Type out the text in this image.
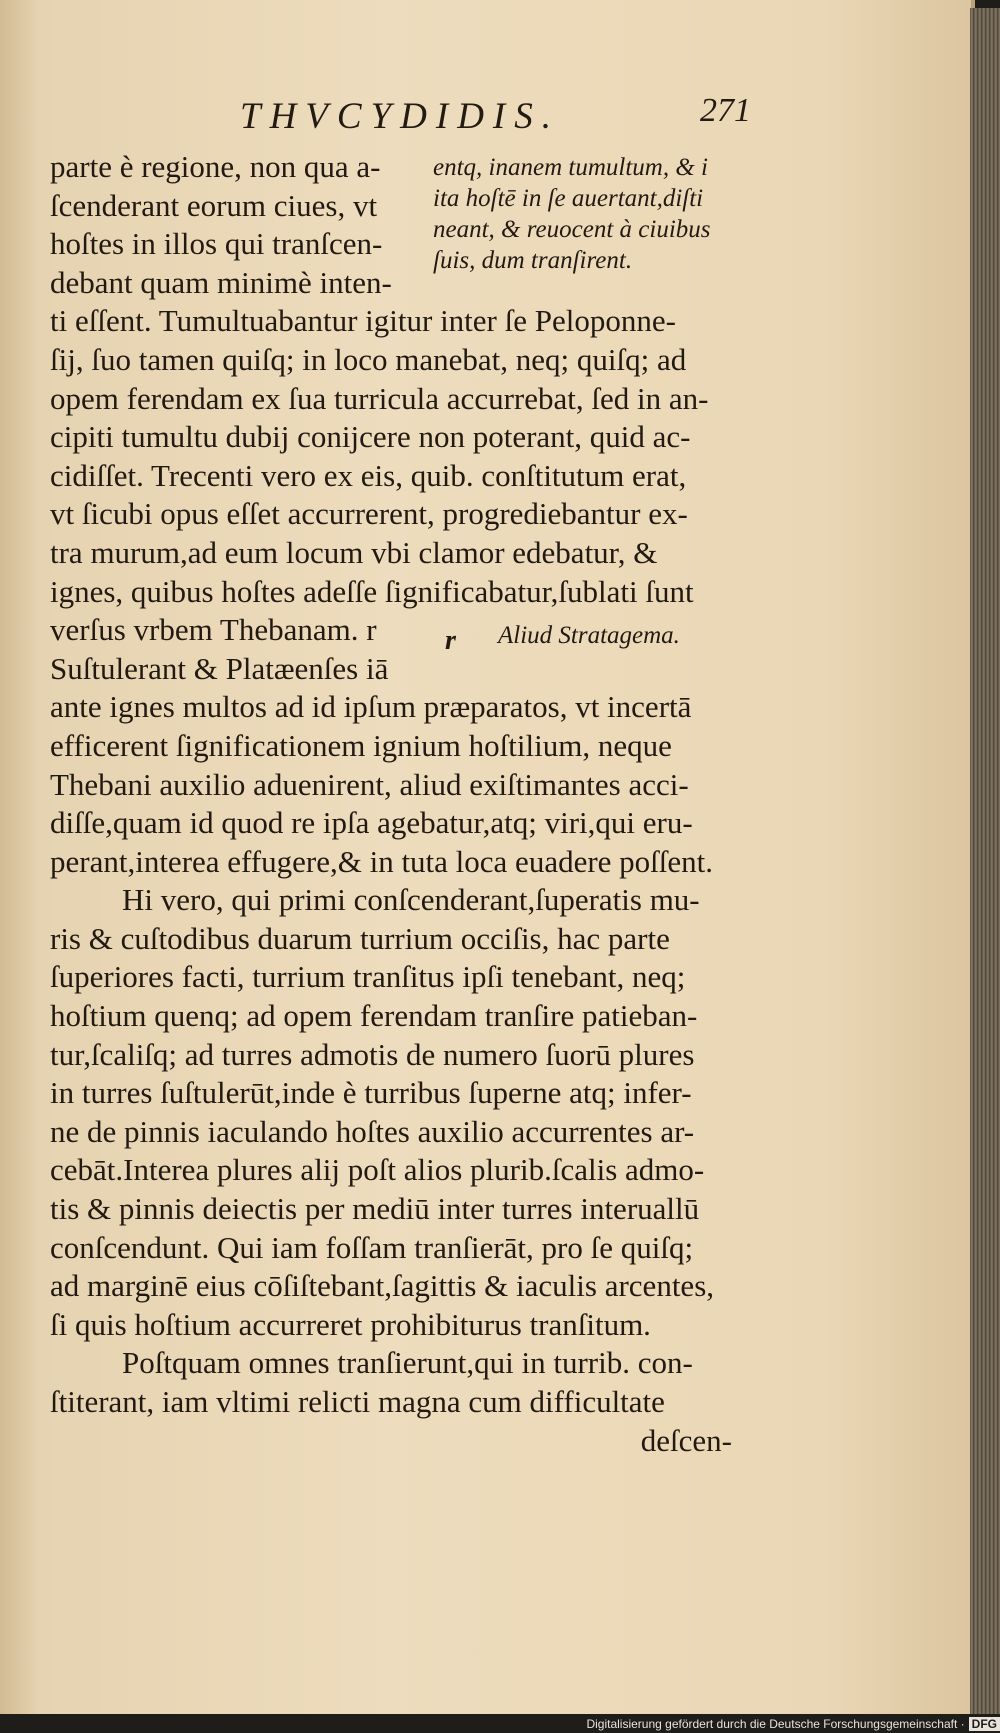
THVCYDIDIS.	271
parte è regione, non qua a-
ſcenderant eorum ciues, vt
hoſtes in illos qui tranſcen-
debant quam minimè inten-
ti eſſent. Tumultuabantur igitur inter ſe Peloponne-
ſij, ſuo tamen quiſq; in loco manebat, neq; quiſq; ad
opem ferendam ex ſua turricula accurrebat, ſed in an-
cipiti tumultu dubij conijcere non poterant, quid ac-
cidiſſet. Trecenti vero ex eis, quib. conſtitutum erat,
vt ſicubi opus eſſet accurrerent, progrediebantur ex-
tra murum,ad eum locum vbi clamor edebatur, &
ignes, quibus hoſtes adeſſe ſignificabatur,ſublati ſunt
verſus vrbem Thebanam. r
Suſtulerant & Platæenſes iā
ante ignes multos ad id ipſum præparatos, vt incertā
efficerent ſignificationem ignium hoſtilium, neque
Thebani auxilio aduenirent, aliud exiſtimantes acci-
diſſe,quam id quod re ipſa agebatur,atq; viri,qui eru-
perant,interea effugere,& in tuta loca euadere poſſent.
Hi vero, qui primi conſcenderant,ſuperatis mu-
ris & cuſtodibus duarum turrium occiſis, hac parte
ſuperiores facti, turrium tranſitus ipſi tenebant, neq;
hoſtium quenq; ad opem ferendam tranſire patieban-
tur,ſcaliſq; ad turres admotis de numero ſuorū plures
in turres ſuſtulerūt,inde è turribus ſuperne atq; infer-
ne de pinnis iaculando hoſtes auxilio accurrentes ar-
cebāt.Interea plures alij poſt alios plurib.ſcalis admo-
tis & pinnis deiectis per mediū inter turres interuallū
conſcendunt. Qui iam foſſam tranſierāt, pro ſe quiſq;
ad marginē eius cōſiſtebant,ſagittis & iaculis arcentes,
ſi quis hoſtium accurreret prohibiturus tranſitum.
Poſtquam omnes tranſierunt,qui in turrib. con-
ſtiterant, iam vltimi relicti magna cum difficultate
deſcen-
entq, inanem tumultum, & i
ita hoſtē in ſe auertant,diſti
neant, & reuocent à ciuibus
ſuis, dum tranſirent.
r Aliud Stratagema.
Digitalisierung gefördert durch die Deutsche Forschungsgemeinschaft · DFG
